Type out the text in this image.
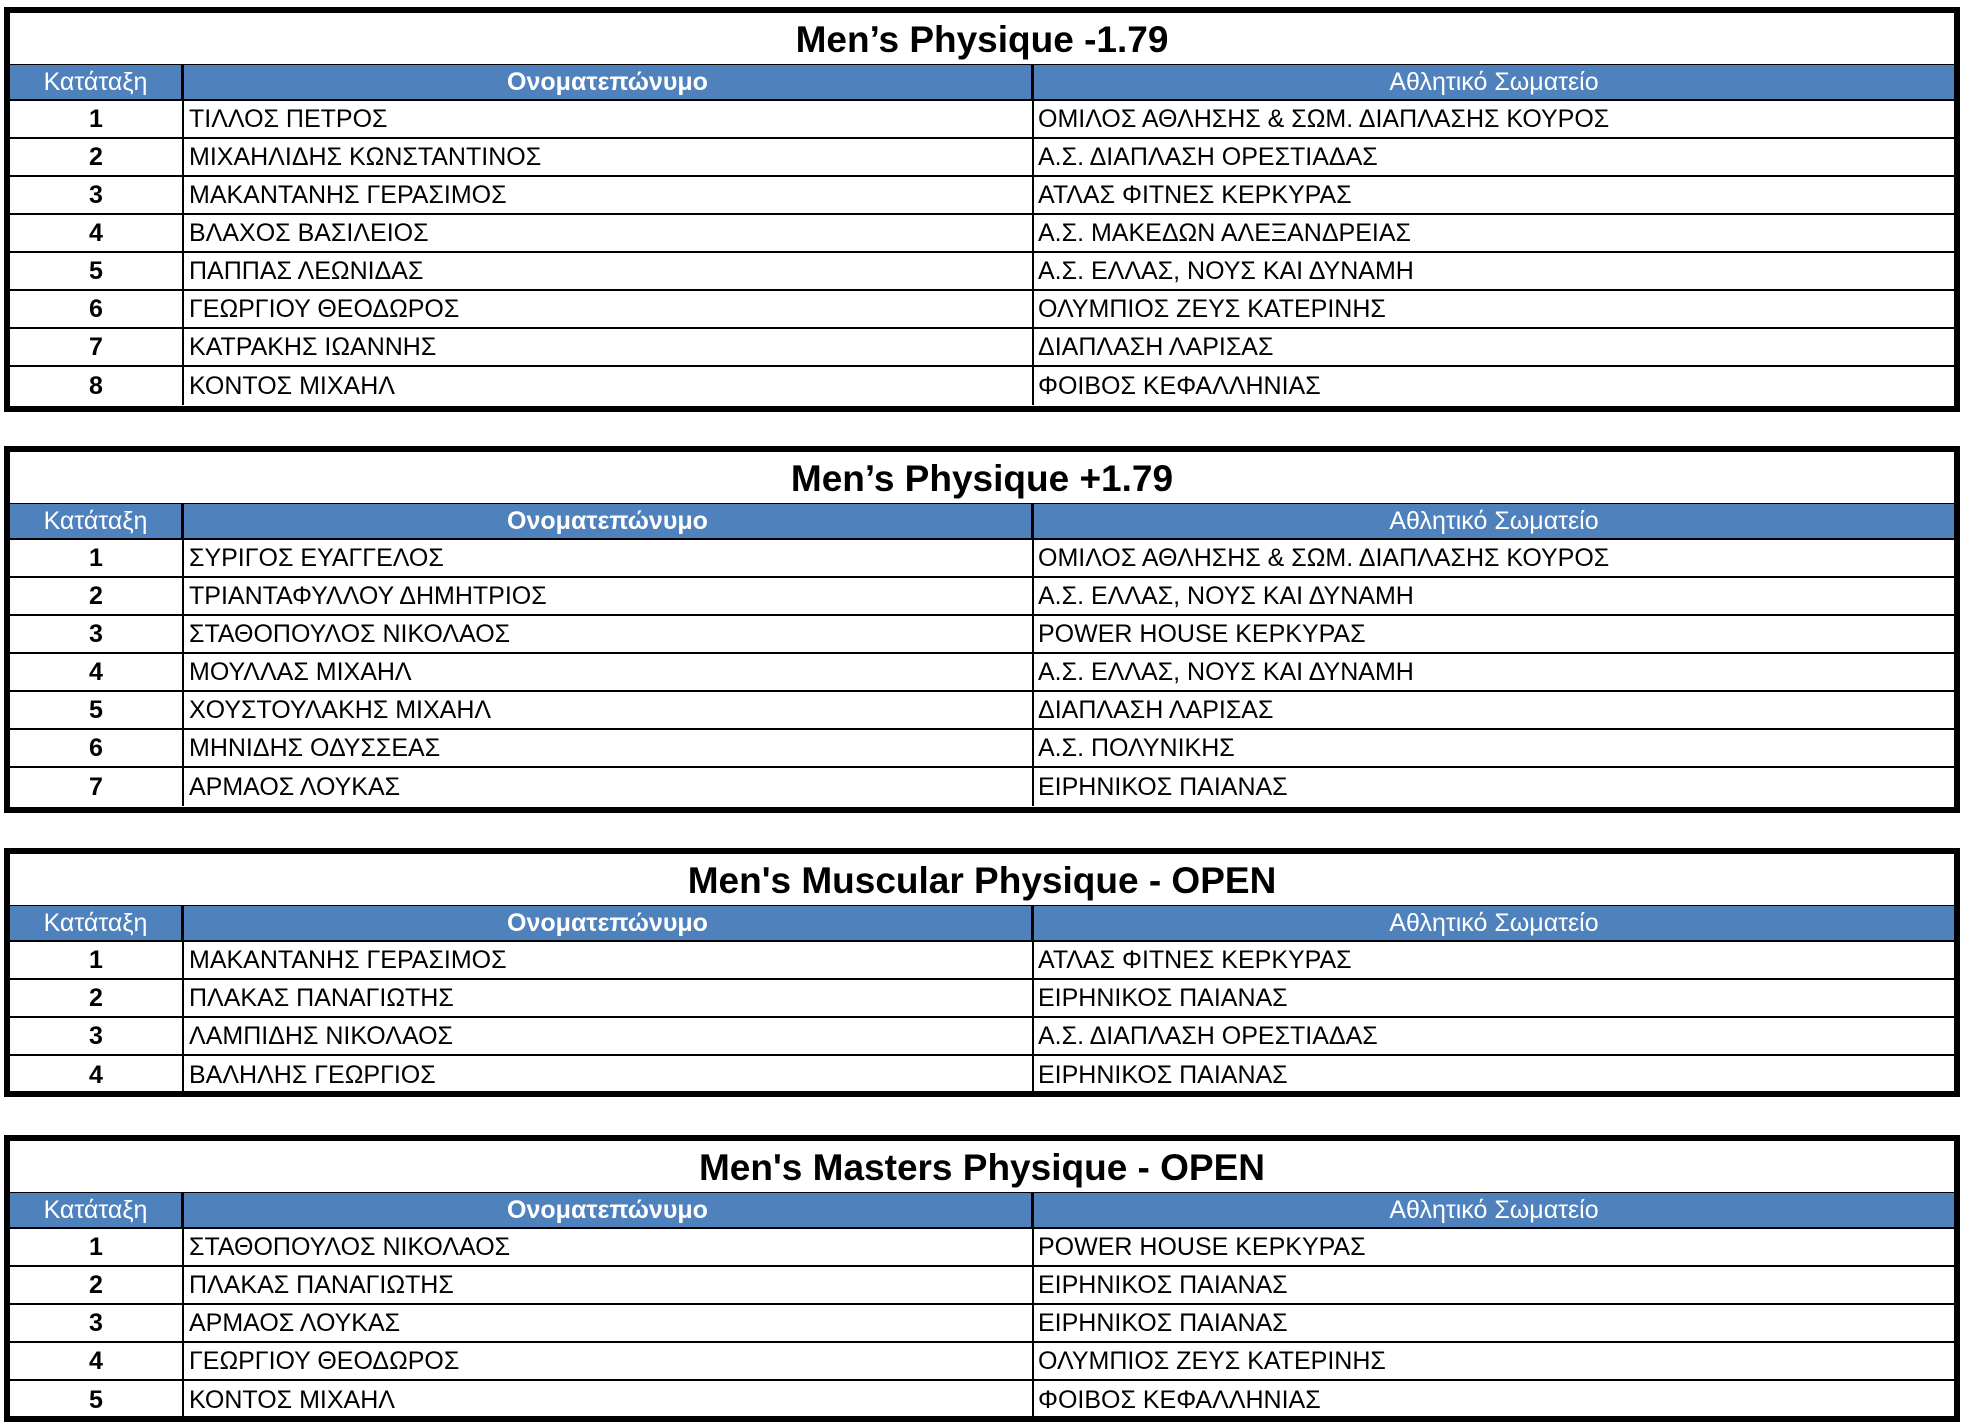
Men’s Physique -1.79
Κατάταξη	Ονοματεπώνυμο	Αθλητικό Σωματείο
1	ΤΙΛΛΟΣ ΠΕΤΡΟΣ	ΟΜΙΛΟΣ ΑΘΛΗΣΗΣ & ΣΩΜ. ΔΙΑΠΛΑΣΗΣ ΚΟΥΡΟΣ
2	ΜΙΧΑΗΛΙΔΗΣ ΚΩΝΣΤΑΝΤΙΝΟΣ	Α.Σ. ΔΙΑΠΛΑΣΗ ΟΡΕΣΤΙΑΔΑΣ
3	ΜΑΚΑΝΤΑΝΗΣ ΓΕΡΑΣΙΜΟΣ	ΑΤΛΑΣ ΦΙΤΝΕΣ ΚΕΡΚΥΡΑΣ
4	ΒΛΑΧΟΣ ΒΑΣΙΛΕΙΟΣ	Α.Σ. ΜΑΚΕΔΩΝ ΑΛΕΞΑΝΔΡΕΙΑΣ
5	ΠΑΠΠΑΣ ΛΕΩΝΙΔΑΣ	Α.Σ. ΕΛΛΑΣ, ΝΟΥΣ ΚΑΙ ΔΥΝΑΜΗ
6	ΓΕΩΡΓΙΟΥ ΘΕΟΔΩΡΟΣ	ΟΛΥΜΠΙΟΣ ΖΕΥΣ ΚΑΤΕΡΙΝΗΣ
7	ΚΑΤΡΑΚΗΣ ΙΩΑΝΝΗΣ	ΔΙΑΠΛΑΣΗ ΛΑΡΙΣΑΣ
8	ΚΟΝΤΟΣ ΜΙΧΑΗΛ	ΦΟΙΒΟΣ ΚΕΦΑΛΛΗΝΙΑΣ
Men’s Physique +1.79
Κατάταξη	Ονοματεπώνυμο	Αθλητικό Σωματείο
1	ΣΥΡΙΓΟΣ ΕΥΑΓΓΕΛΟΣ	ΟΜΙΛΟΣ ΑΘΛΗΣΗΣ & ΣΩΜ. ΔΙΑΠΛΑΣΗΣ ΚΟΥΡΟΣ
2	ΤΡΙΑΝΤΑΦΥΛΛΟΥ ΔΗΜΗΤΡΙΟΣ	Α.Σ. ΕΛΛΑΣ, ΝΟΥΣ ΚΑΙ ΔΥΝΑΜΗ
3	ΣΤΑΘΟΠΟΥΛΟΣ ΝΙΚΟΛΑΟΣ	POWER HOUSE ΚΕΡΚΥΡΑΣ
4	ΜΟΥΛΛΑΣ ΜΙΧΑΗΛ	Α.Σ. ΕΛΛΑΣ, ΝΟΥΣ ΚΑΙ ΔΥΝΑΜΗ
5	ΧΟΥΣΤΟΥΛΑΚΗΣ ΜΙΧΑΗΛ	ΔΙΑΠΛΑΣΗ ΛΑΡΙΣΑΣ
6	ΜΗΝΙΔΗΣ ΟΔΥΣΣΕΑΣ	Α.Σ. ΠΟΛΥΝΙΚΗΣ
7	ΑΡΜΑΟΣ ΛΟΥΚΑΣ	ΕΙΡΗΝΙΚΟΣ ΠΑΙΑΝΑΣ
Men's Muscular Physique - OPEN
Κατάταξη	Ονοματεπώνυμο	Αθλητικό Σωματείο
1	ΜΑΚΑΝΤΑΝΗΣ ΓΕΡΑΣΙΜΟΣ	ΑΤΛΑΣ ΦΙΤΝΕΣ ΚΕΡΚΥΡΑΣ
2	ΠΛΑΚΑΣ ΠΑΝΑΓΙΩΤΗΣ	ΕΙΡΗΝΙΚΟΣ ΠΑΙΑΝΑΣ
3	ΛΑΜΠΙΔΗΣ ΝΙΚΟΛΑΟΣ	Α.Σ. ΔΙΑΠΛΑΣΗ ΟΡΕΣΤΙΑΔΑΣ
4	ΒΑΛΗΛΗΣ ΓΕΩΡΓΙΟΣ	ΕΙΡΗΝΙΚΟΣ ΠΑΙΑΝΑΣ
Men's Masters Physique - OPEN
Κατάταξη	Ονοματεπώνυμο	Αθλητικό Σωματείο
1	ΣΤΑΘΟΠΟΥΛΟΣ ΝΙΚΟΛΑΟΣ	POWER HOUSE ΚΕΡΚΥΡΑΣ
2	ΠΛΑΚΑΣ ΠΑΝΑΓΙΩΤΗΣ	ΕΙΡΗΝΙΚΟΣ ΠΑΙΑΝΑΣ
3	ΑΡΜΑΟΣ ΛΟΥΚΑΣ	ΕΙΡΗΝΙΚΟΣ ΠΑΙΑΝΑΣ
4	ΓΕΩΡΓΙΟΥ ΘΕΟΔΩΡΟΣ	ΟΛΥΜΠΙΟΣ ΖΕΥΣ ΚΑΤΕΡΙΝΗΣ
5	ΚΟΝΤΟΣ ΜΙΧΑΗΛ	ΦΟΙΒΟΣ ΚΕΦΑΛΛΗΝΙΑΣ
